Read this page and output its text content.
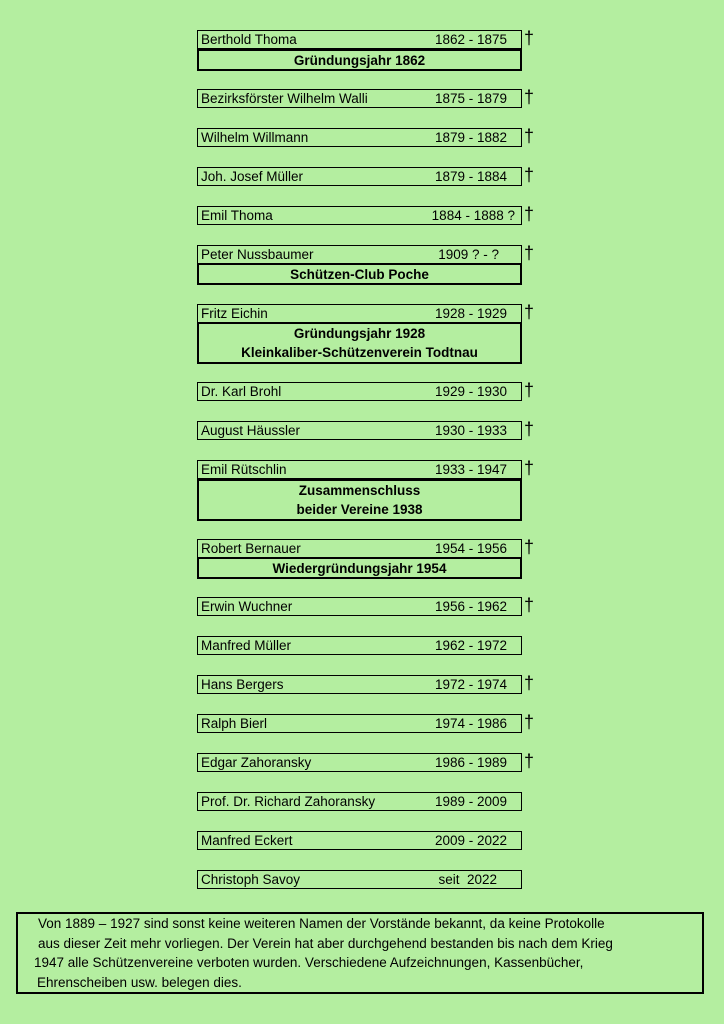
Berthold Thoma	1862 - 1875 †
Bezirksförster Wilhelm Walli	1875 - 1879 †
Wilhelm Willmann	1879 - 1882 †
Joh. Josef Müller	1879 - 1884 †
Emil Thoma	1884 - 1888 ? †
Peter Nussbaumer	1909 ? - ? †
Fritz Eichin	1928 - 1929 †
Dr. Karl Brohl	1929 - 1930 †
August Häussler	1930 - 1933 †
Emil Rütschlin	1933 - 1947 †
Robert Bernauer	1954 - 1956 †
Erwin Wuchner	1956 - 1962 †
Manfred Müller	1962 - 1972
Hans Bergers	1972 - 1974 †
Ralph Bierl	1974 - 1986 †
Edgar Zahoransky	1986 - 1989 †
Prof. Dr. Richard Zahoransky	1989 - 2009
Manfred Eckert	2009 - 2022
Christoph Savoy	seit  2022
Gründungsjahr 1862
Schützen-Club Poche
Gründungsjahr 1928
Kleinkaliber-Schützenverein Todtnau
Zusammenschluss
beider Vereine 1938
Wiedergründungsjahr 1954
Von 1889 – 1927 sind sonst keine weiteren Namen der Vorstände bekannt, da keine Protokolle
aus dieser Zeit mehr vorliegen. Der Verein hat aber durchgehend bestanden bis nach dem Krieg
1947 alle Schützenvereine verboten wurden. Verschiedene Aufzeichnungen, Kassenbücher,
Ehrenscheiben usw. belegen dies.
